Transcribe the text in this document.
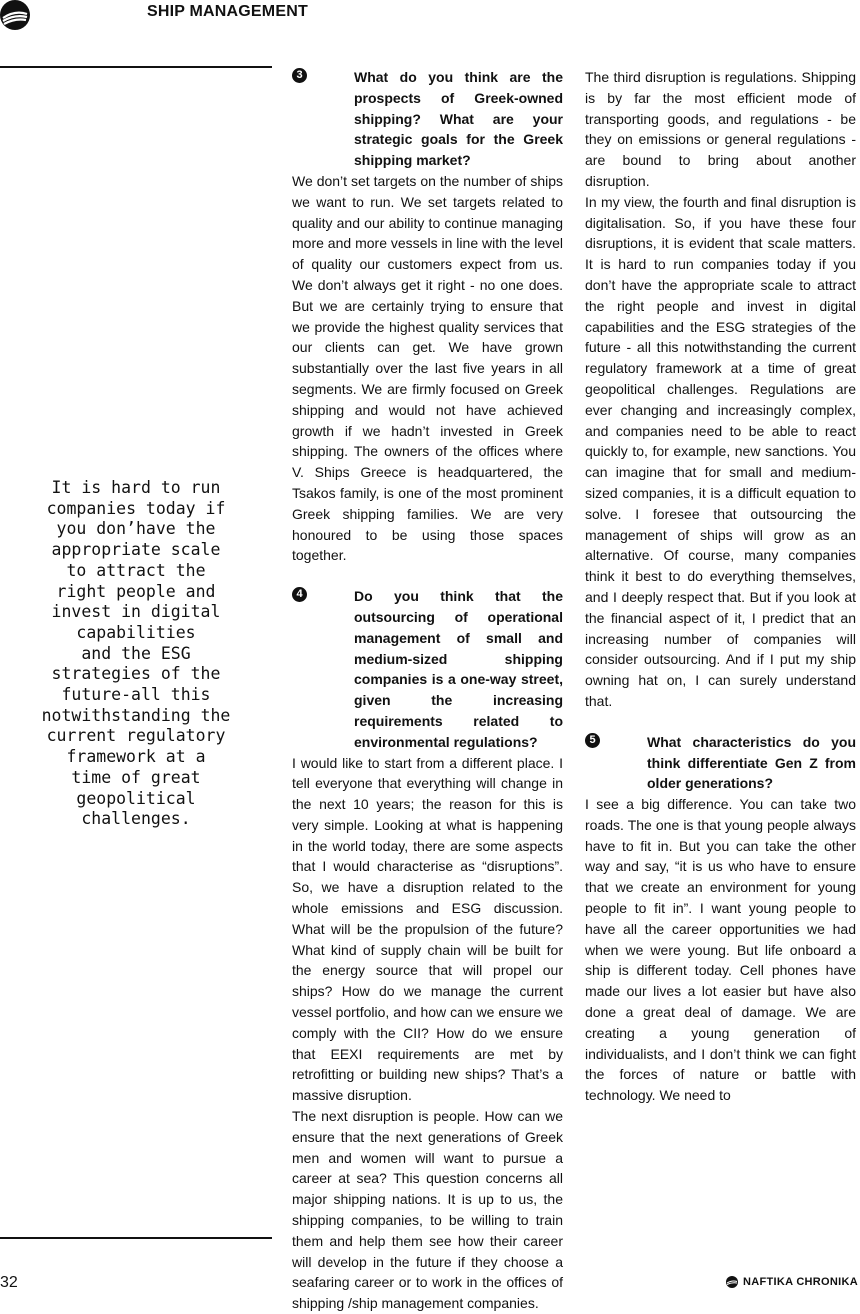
SHIP MANAGEMENT
It is hard to run
companies today if
you don’have the
appropriate scale
to attract the
right people and
invest in digital
capabilities
and the ESG
strategies of the
future-all this
notwithstanding the
current regulatory
framework at a
time of great
geopolitical
challenges.
3	What do you think are the prospects of Greek-owned shipping? What are your strategic goals for the Greek shipping market?

We don’t set targets on the number of ships we want to run. We set targets related to quality and our ability to continue managing more and more vessels in line with the level of quality our customers expect from us. We don’t always get it right - no one does. But we are certainly trying to ensure that we provide the highest quality services that our clients can get. We have grown substantially over the last five years in all segments. We are firmly focused on Greek shipping and would not have achieved growth if we hadn’t invested in Greek shipping. The owners of the offices where V. Ships Greece is headquartered, the Tsakos family, is one of the most prominent Greek shipping families. We are very honoured to be using those spaces together.

4	Do you think that the outsourcing of operational management of small and medium-sized shipping companies is a one-way street, given the increasing requirements related to environmental regulations?

I would like to start from a different place. I tell everyone that everything will change in the next 10 years; the reason for this is very simple. Looking at what is happening in the world today, there are some aspects that I would characterise as “disruptions”. So, we have a disruption related to the whole emissions and ESG discussion. What will be the propulsion of the future? What kind of supply chain will be built for the energy source that will propel our ships? How do we manage the current vessel portfolio, and how can we ensure we comply with the CII? How do we ensure that EEXI requirements are met by retrofitting or building new ships? That’s a massive disruption.

The next disruption is people. How can we ensure that the next generations of Greek men and women will want to pursue a career at sea? This question concerns all major shipping nations. It is up to us, the shipping companies, to be willing to train them and help them see how their career will develop in the future if they choose a seafaring career or to work in the offices of shipping /ship management companies.

The third disruption is regulations. Shipping is by far the most efficient mode of transporting goods, and regulations - be they on emissions or general regulations - are bound to bring about another disruption.

In my view, the fourth and final disruption is digitalisation. So, if you have these four disruptions, it is evident that scale matters. It is hard to run companies today if you don’t have the appropriate scale to attract the right people and invest in digital capabilities and the ESG strategies of the future - all this notwithstanding the current regulatory framework at a time of great geopolitical challenges. Regulations are ever changing and increasingly complex, and companies need to be able to react quickly to, for example, new sanctions. You can imagine that for small and medium-sized companies, it is a difficult equation to solve. I foresee that outsourcing the management of ships will grow as an alternative. Of course, many companies think it best to do everything themselves, and I deeply respect that. But if you look at the financial aspect of it, I predict that an increasing number of companies will consider outsourcing. And if I put my ship owning hat on, I can surely understand that.

5	What characteristics do you think differentiate Gen Z from older generations?

I see a big difference. You can take two roads. The one is that young people always have to fit in. But you can take the other way and say, “it is us who have to ensure that we create an environment for young people to fit in”. I want young people to have all the career opportunities we had when we were young. But life onboard a ship is different today. Cell phones have made our lives a lot easier but have also done a great deal of damage. We are creating a young generation of individualists, and I don’t think we can fight the forces of nature or battle with technology. We need to

32	NAFTIKA CHRONIKA
